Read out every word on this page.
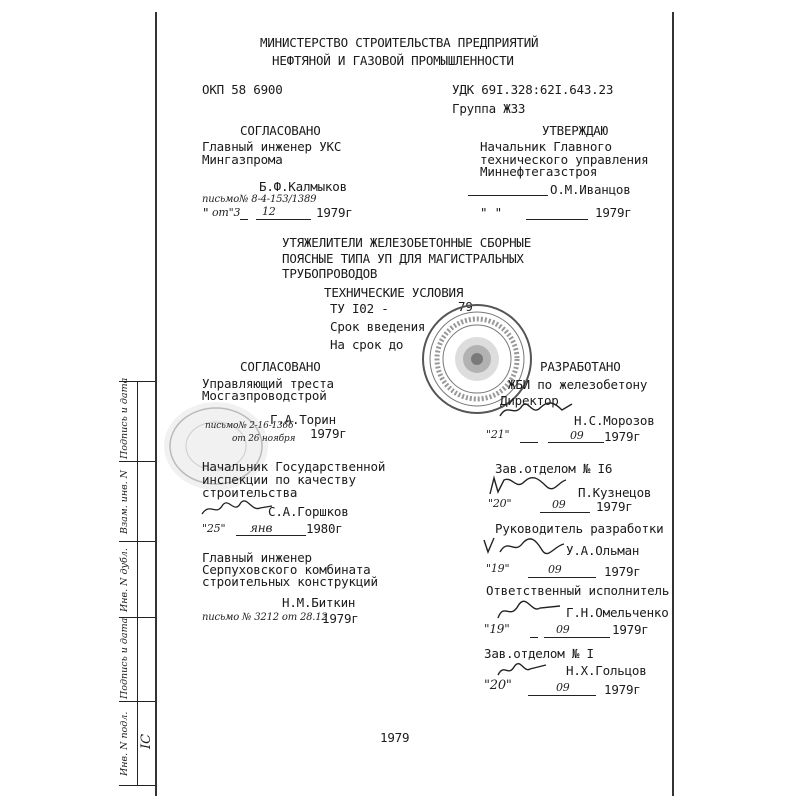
Подпись и дата
Взам. инв. N
Инв. N дубл.
Подпись и дата
Инв. N подл. IC
МИНИСТЕРСТВО СТРОИТЕЛЬСТВА ПРЕДПРИЯТИЙ
НЕФТЯНОЙ И ГАЗОВОЙ ПРОМЫШЛЕННОСТИ
ОКП 58 6900	УДК 69I.328:62I.643.23
Группа Ж33
СОГЛАСОВАНО
Главный инженер УКС
Мингазпрома
Б.Ф.Калмыков
письмо№ 8-4-153/1389
" от"3 12	1979г
УТВЕРЖДАЮ
Начальник Главного
технического управления
Миннефтегазстроя
О.М.Иванцов
" "	1979г
УТЯЖЕЛИТЕЛИ ЖЕЛЕЗОБЕТОННЫЕ СБОРНЫЕ
ПОЯСНЫЕ ТИПА УП ДЛЯ МАГИСТРАЛЬНЫХ
ТРУБОПРОВОДОВ
ТЕХНИЧЕСКИЕ УСЛОВИЯ
ТУ I02 -	79
Срок введения
На срок до
СОГЛАСОВАНО
Управляющий треста
Мосгазпроводстрой
Г.А.Торин
письмо№ 2-16-1366
от 26 ноября 1979г
Начальник Государственной
инспекции по качеству
строительства
С.А.Горшков
"25" янв	1980г
Главный инженер
Серпуховского комбината
строительных конструкций
Н.М.Биткин
письмо № 3212 от 28.12
1979г
РАЗРАБОТАНО
ЖБИ по железобетону
Директор
Н.С.Морозов
"21"	09 1979г
Зав.отделом № I6
П.Кузнецов
"20"	09 1979г
Руководитель разработки
У.А.Ольман
"19"	09	1979г
Ответственный исполнитель
Г.Н.Омельченко
"19"	09	1979г
Зав.отделом № I
Н.Х.Гольцов
"20"	09	1979г
1979
